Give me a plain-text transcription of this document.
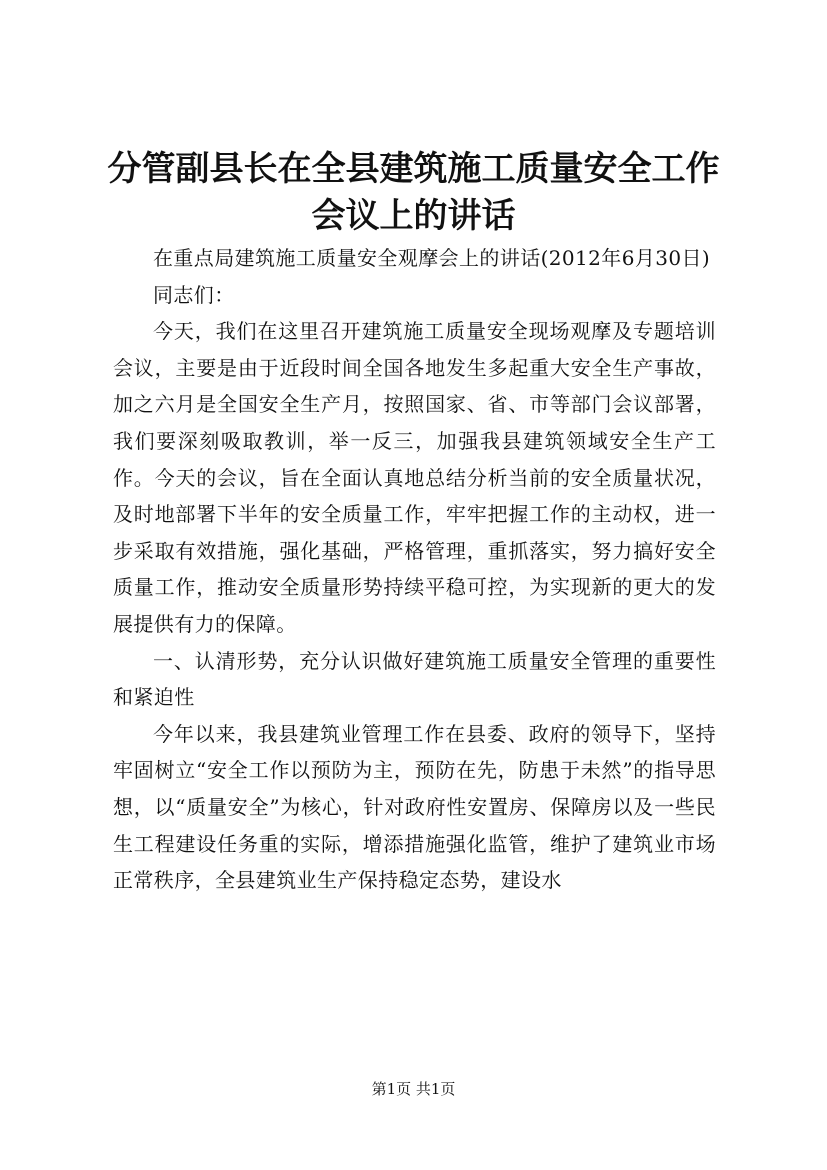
分管副县长在全县建筑施工质量安全工作会议上的讲话

在重点局建筑施工质量安全观摩会上的讲话(2012年6月30日)

同志们：

今天，我们在这里召开建筑施工质量安全现场观摩及专题培训会议，主要是由于近段时间全国各地发生多起重大安全生产事故，加之六月是全国安全生产月，按照国家、省、市等部门会议部署，我们要深刻吸取教训，举一反三，加强我县建筑领域安全生产工作。今天的会议，旨在全面认真地总结分析当前的安全质量状况，及时地部署下半年的安全质量工作，牢牢把握工作的主动权，进一步采取有效措施，强化基础，严格管理，重抓落实，努力搞好安全质量工作，推动安全质量形势持续平稳可控，为实现新的更大的发展提供有力的保障。

一、认清形势，充分认识做好建筑施工质量安全管理的重要性和紧迫性

今年以来，我县建筑业管理工作在县委、政府的领导下，坚持牢固树立“安全工作以预防为主，预防在先，防患于未然”的指导思想，以“质量安全”为核心，针对政府性安置房、保障房以及一些民生工程建设任务重的实际，增添措施强化监管，维护了建筑业市场正常秩序，全县建筑业生产保持稳定态势，建设水

第1页 共1页
